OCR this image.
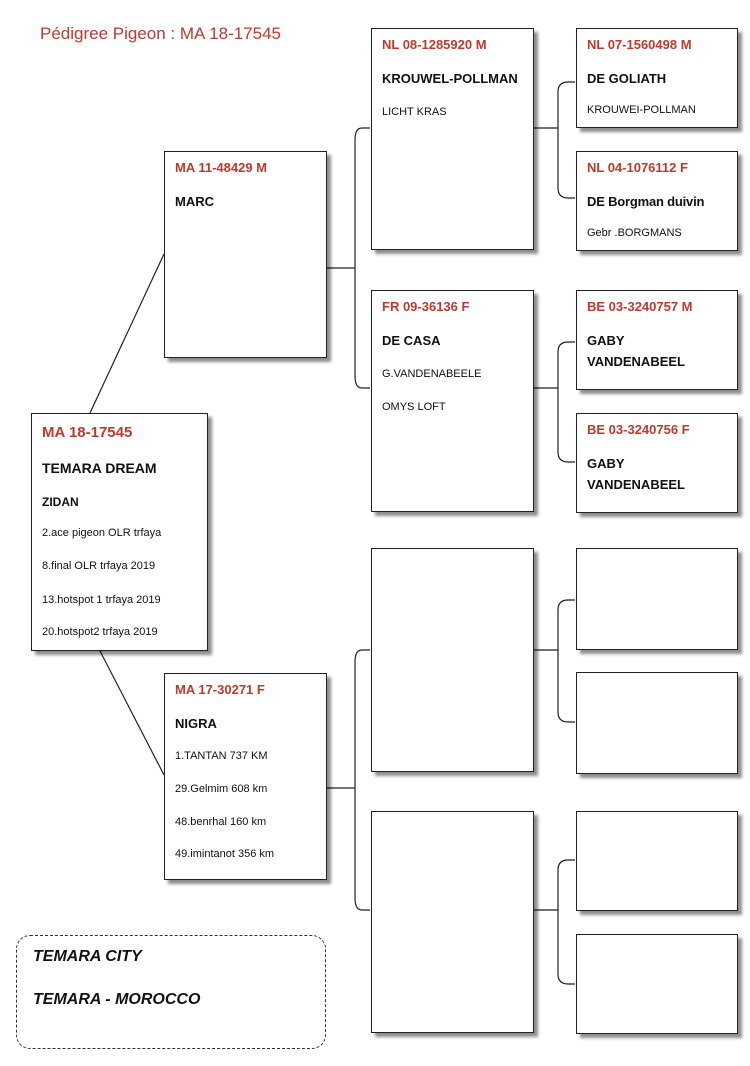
Pédigree Pigeon : MA 18-17545
MA 18-17545
TEMARA DREAM
ZIDAN
2.ace pigeon OLR trfaya
8.final OLR trfaya 2019
13.hotspot 1 trfaya 2019
20.hotspot2 trfaya 2019
MA 11-48429 M
MARC
MA 17-30271 F
NIGRA
1.TANTAN 737 KM
29.Gelmim 608 km
48.benrhal 160 km
49.imintanot 356 km
NL 08-1285920 M
KROUWEL-POLLMAN
LICHT KRAS
FR 09-36136 F
DE CASA
G.VANDENABEELE
OMYS LOFT
NL 07-1560498 M
DE GOLIATH
KROUWEI-POLLMAN
NL 04-1076112 F
DE Borgman duivin
Gebr .BORGMANS
BE 03-3240757 M
GABY
VANDENABEEL
BE 03-3240756 F
GABY
VANDENABEEL
TEMARA CITY
TEMARA - MOROCCO
